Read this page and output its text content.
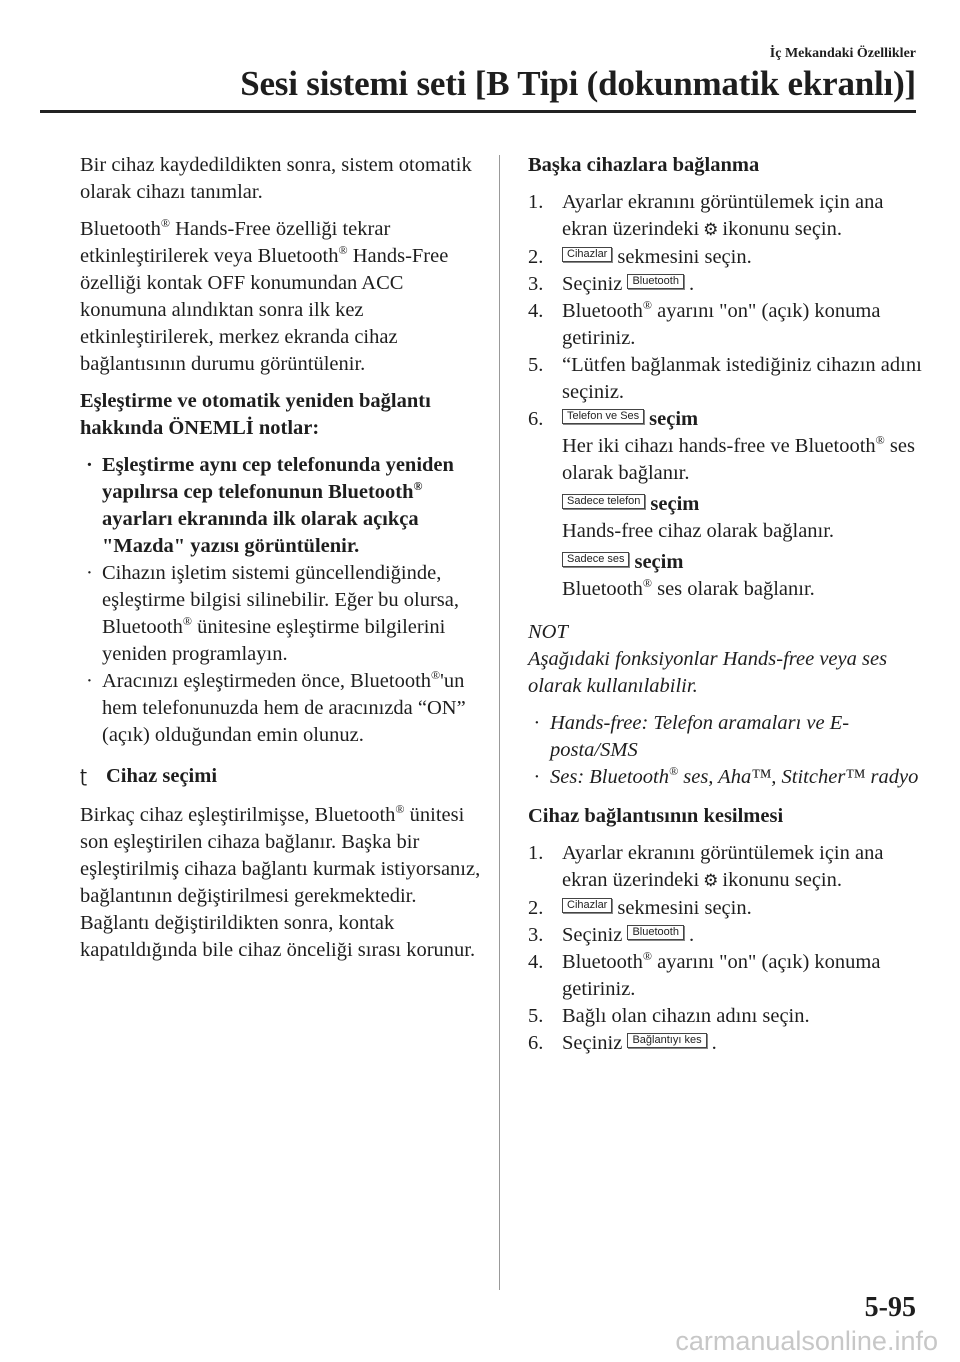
İç Mekandaki Özellikler
Sesi sistemi seti [B Tipi (dokunmatik ekranlı)]

Bir cihaz kaydedildikten sonra, sistem otomatik olarak cihazı tanımlar.

Bluetooth® Hands-Free özelliği tekrar etkinleştirilerek veya Bluetooth® Hands-Free özelliği kontak OFF konumundan ACC konumuna alındıktan sonra ilk kez etkinleştirilerek, merkez ekranda cihaz bağlantısının durumu görüntülenir.

Eşleştirme ve otomatik yeniden bağlantı hakkında ÖNEMLİ notlar:

· Eşleştirme aynı cep telefonunda yeniden yapılırsa cep telefonunun Bluetooth® ayarları ekranında ilk olarak açıkça "Mazda" yazısı görüntülenir.
· Cihazın işletim sistemi güncellendiğinde, eşleştirme bilgisi silinebilir. Eğer bu olursa, Bluetooth® ünitesine eşleştirme bilgilerini yeniden programlayın.
· Aracınızı eşleştirmeden önce, Bluetooth®'un hem telefonunuzda hem de aracınızda “ON” (açık) olduğundan emin olunuz.

ʈ Cihaz seçimi

Birkaç cihaz eşleştirilmişse, Bluetooth® ünitesi son eşleştirilen cihaza bağlanır. Başka bir eşleştirilmiş cihaza bağlantı kurmak istiyorsanız, bağlantının değiştirilmesi gerekmektedir. Bağlantı değiştirildikten sonra, kontak kapatıldığında bile cihaz önceliği sırası korunur.

Başka cihazlara bağlanma

1. Ayarlar ekranını görüntülemek için ana ekran üzerindeki ⚙ ikonunu seçin.
2. Cihazlar sekmesini seçin.
3. Seçiniz Bluetooth .
4. Bluetooth® ayarını "on" (açık) konuma getiriniz.
5. “Lütfen bağlanmak istediğiniz cihazın adını seçiniz.
6. Telefon ve Ses seçim

Her iki cihazı hands-free ve Bluetooth® ses olarak bağlanır.

Sadece telefon seçim

Hands-free cihaz olarak bağlanır.

Sadece ses seçim

Bluetooth® ses olarak bağlanır.

NOT

Aşağıdaki fonksiyonlar Hands-free veya ses olarak kullanılabilir.

· Hands-free: Telefon aramaları ve E-posta/SMS
· Ses: Bluetooth® ses, Aha™, Stitcher™ radyo

Cihaz bağlantısının kesilmesi

1. Ayarlar ekranını görüntülemek için ana ekran üzerindeki ⚙ ikonunu seçin.
2. Cihazlar sekmesini seçin.
3. Seçiniz Bluetooth .
4. Bluetooth® ayarını "on" (açık) konuma getiriniz.
5. Bağlı olan cihazın adını seçin.
6. Seçiniz Bağlantıyı kes .
5-95
carmanualsonline.info
